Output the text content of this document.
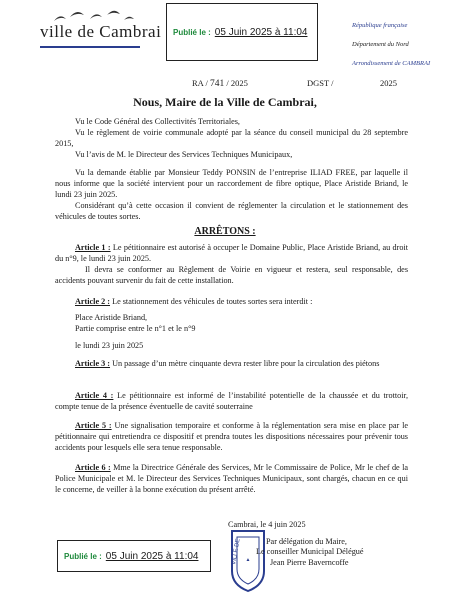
ville de Cambrai Publié le : 05 Juin 2025 à 11:04
République française
Département du Nord
Arrondissement de CAMBRAI
RA / 741 / 2025	DGST /	2025
Nous, Maire de la Ville de Cambrai,

Vu le Code Général des Collectivités Territoriales,

Vu le règlement de voirie communale adopté par la séance du conseil municipal du 28 septembre 2015,

Vu l’avis de M. le Directeur des Services Techniques Municipaux,

Vu la demande établie par Monsieur Teddy PONSIN de l’entreprise ILIAD FREE, par laquelle il nous informe que la société intervient pour un raccordement de fibre optique, Place Aristide Briand, le lundi 23 juin 2025.

Considérant qu’à cette occasion il convient de réglementer la circulation et le stationnement des véhicules de toutes sortes.

ARRÊTONS :

Article 1 : Le pétitionnaire est autorisé à occuper le Domaine Public, Place Aristide Briand, au droit du n°9, le lundi 23 juin 2025.

Il devra se conformer au Règlement de Voirie en vigueur et restera, seul responsable, des accidents pouvant survenir du fait de cette installation.

Article 2 : Le stationnement des véhicules de toutes sortes sera interdit :

Place Aristide Briand,

Partie comprise entre le n°1 et le n°9

le lundi 23 juin 2025

Article 3 : Un passage d’un mètre cinquante devra rester libre pour la circulation des piétons

Article 4 : Le pétitionnaire est informé de l’instabilité potentielle de la chaussée et du trottoir, compte tenue de la présence éventuelle de cavité souterraine

Article 5 : Une signalisation temporaire et conforme à la réglementation sera mise en place par le pétitionnaire qui entretiendra ce dispositif et prendra toutes les dispositions nécessaires pour prévenir tous accidents pour lesquels elle sera tenue responsable.

Article 6 : Mme la Directrice Générale des Services, Mr le Commissaire de Police, Mr le chef de la Police Municipale et M. le Directeur des Services Techniques Municipaux, sont chargés, chacun en ce qui le concerne, de veiller à la bonne exécution du présent arrêté.

VILLE DE ▲
Cambrai, le 4 juin 2025
Par délégation du Maire,
Le conseiller Municipal Délégué
Jean Pierre Baverncoffe
Publié le : 05 Juin 2025 à 11:04
